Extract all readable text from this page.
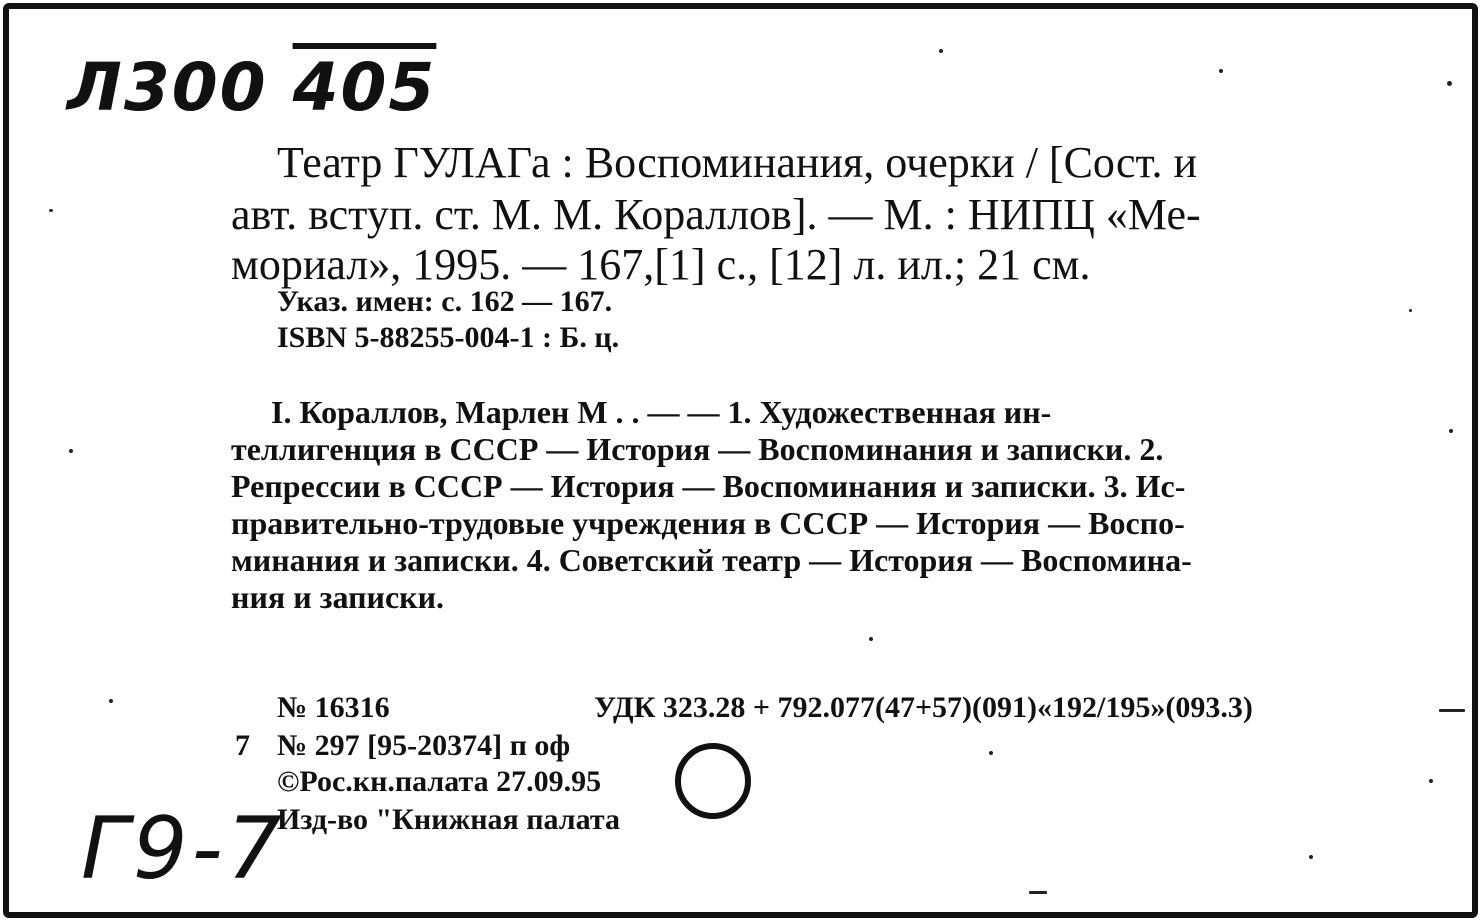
Л300 405
Театр ГУЛАГа : Воспоминания, очерки / [Сост. и
авт. вступ. ст. М. М. Кораллов]. — М. : НИПЦ «Ме-
мориал», 1995. — 167,[1] с., [12] л. ил.; 21 см.
Указ. имен: с. 162 — 167.
ISBN 5-88255-004-1 : Б. ц.
I. Кораллов, Марлен М . . — — 1. Художественная ин-
теллигенция в СССР — История — Воспоминания и записки. 2.
Репрессии в СССР — История — Воспоминания и записки. 3. Ис-
правительно-трудовые учреждения в СССР — История — Воспо-
минания и записки. 4. Советский театр — История — Воспомина-
ния и записки.
№ 16316	УДК 323.28 + 792.077(47+57)(091)«192/195»(093.3)
7 № 297 [95-20374] п оф
©Рос.кн.палата 27.09.95
Изд-во "Книжная палата
Г9-7
